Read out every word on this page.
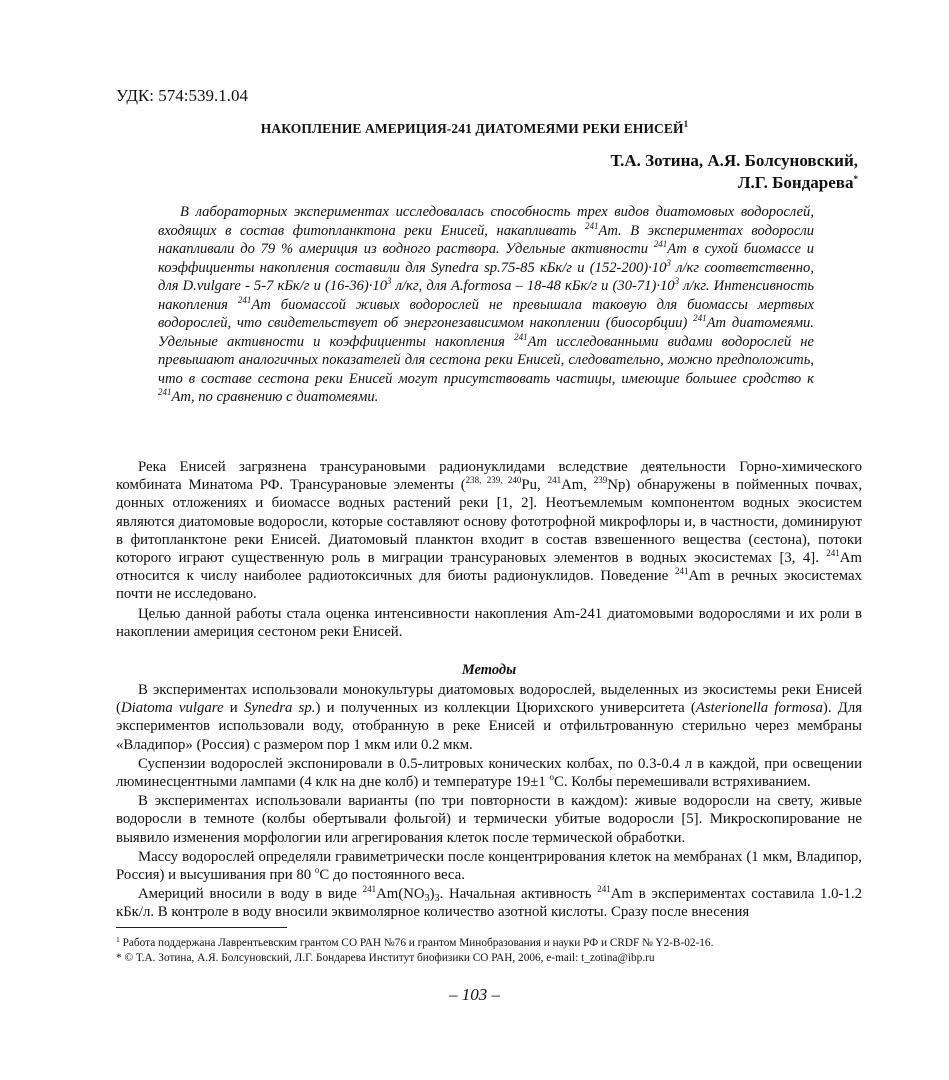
УДК: 574:539.1.04
НАКОПЛЕНИЕ АМЕРИЦИЯ-241 ДИАТОМЕЯМИ РЕКИ ЕНИСЕЙ$^1$
Т.А. Зотина, А.Я. Болсуновский,
Л.Г. Бондарева*

В лабораторных экспериментах исследовалась способность трех видов диатомовых водорослей, входящих в состав фитопланктона реки Енисей, накапливать $^{241}$Am. В экспериментах водоросли накапливали до 79 % америция из водного раствора. Удельные активности $^{241}$Am в сухой биомассе и коэффициенты накопления составили для Synedra sp.75-85 кБк/г и $(152-200)\cdot 10^3$ л/кг соответственно, для D.vulgare - 5-7 кБк/г и $(16-36)\cdot 10^3$ л/кг, для A.formosa – 18-48 кБк/г и $(30-71)\cdot 10^3$ л/кг. Интенсивность накопления $^{241}$Am биомассой живых водорослей не превышала таковую для биомассы мертвых водорослей, что свидетельствует об энергонезависимом накоплении (биосорбции) $^{241}$Am диатомеями. Удельные активности и коэффициенты накопления $^{241}$Am исследованными видами водорослей не превышают аналогичных показателей для сестона реки Енисей, следовательно, можно предположить, что в составе сестона реки Енисей могут присутствовать частицы, имеющие большее сродство к $^{241}$Am, по сравнению с диатомеями.

Река Енисей загрязнена трансурановыми радионуклидами вследствие деятельности Горно-химического комбината Минатома РФ. Трансурановые элементы ($^{238, 239, 240}$Pu, $^{241}$Am, $^{239}$Np) обнаружены в пойменных почвах, донных отложениях и биомассе водных растений реки [1, 2]. Неотъемлемым компонентом водных экосистем являются диатомовые водоросли, которые составляют основу фототрофной микрофлоры и, в частности, доминируют в фитопланктоне реки Енисей. Диатомовый планктон входит в состав взвешенного вещества (сестона), потоки которого играют существенную роль в миграции трансурановых элементов в водных экосистемах [3, 4]. $^{241}$Am относится к числу наиболее радиотоксичных для биоты радионуклидов. Поведение $^{241}$Am в речных экосистемах почти не исследовано.

Целью данной работы стала оценка интенсивности накопления Am-241 диатомовыми водорослями и их роли в накоплении америция сестоном реки Енисей.

Методы

В экспериментах использовали монокультуры диатомовых водорослей, выделенных из экосистемы реки Енисей (Diatoma vulgare и Synedra sp.) и полученных из коллекции Цюрихского университета (Asterionella formosa). Для экспериментов использовали воду, отобранную в реке Енисей и отфильтрованную стерильно через мембраны «Владипор» (Россия) с размером пор 1 мкм или 0.2 мкм.

Суспензии водорослей экспонировали в 0.5-литровых конических колбах, по 0.3-0.4 л в каждой, при освещении люминесцентными лампами (4 клк на дне колб) и температуре 19±1 $^o$С. Колбы перемешивали встряхиванием.

В экспериментах использовали варианты (по три повторности в каждом): живые водоросли на свету, живые водоросли в темноте (колбы обертывали фольгой) и термически убитые водоросли [5]. Микроскопирование не выявило изменения морфологии или агрегирования клеток после термической обработки.

Массу водорослей определяли гравиметрически после концентрирования клеток на мембранах (1 мкм, Владипор, Россия) и высушивания при 80 $^о$С до постоянного веса.

Америций вносили в воду в виде $^{241}Am(NO_3)_3$. Начальная активность $^{241}$Am в экспериментах составила 1.0-1.2 кБк/л. В контроле в воду вносили эквимолярное количество азотной кислоты. Сразу после внесения

$^1$ Работа поддержана Лаврентьевским грантом СО РАН №76 и грантом Минобразования и науки РФ и CRDF № Y2-B-02-16.
* © Т.А. Зотина, А.Я. Болсуновский, Л.Г. Бондарева Институт биофизики СО РАН, 2006, e-mail: t_zotina@ibp.ru
– 103 –
